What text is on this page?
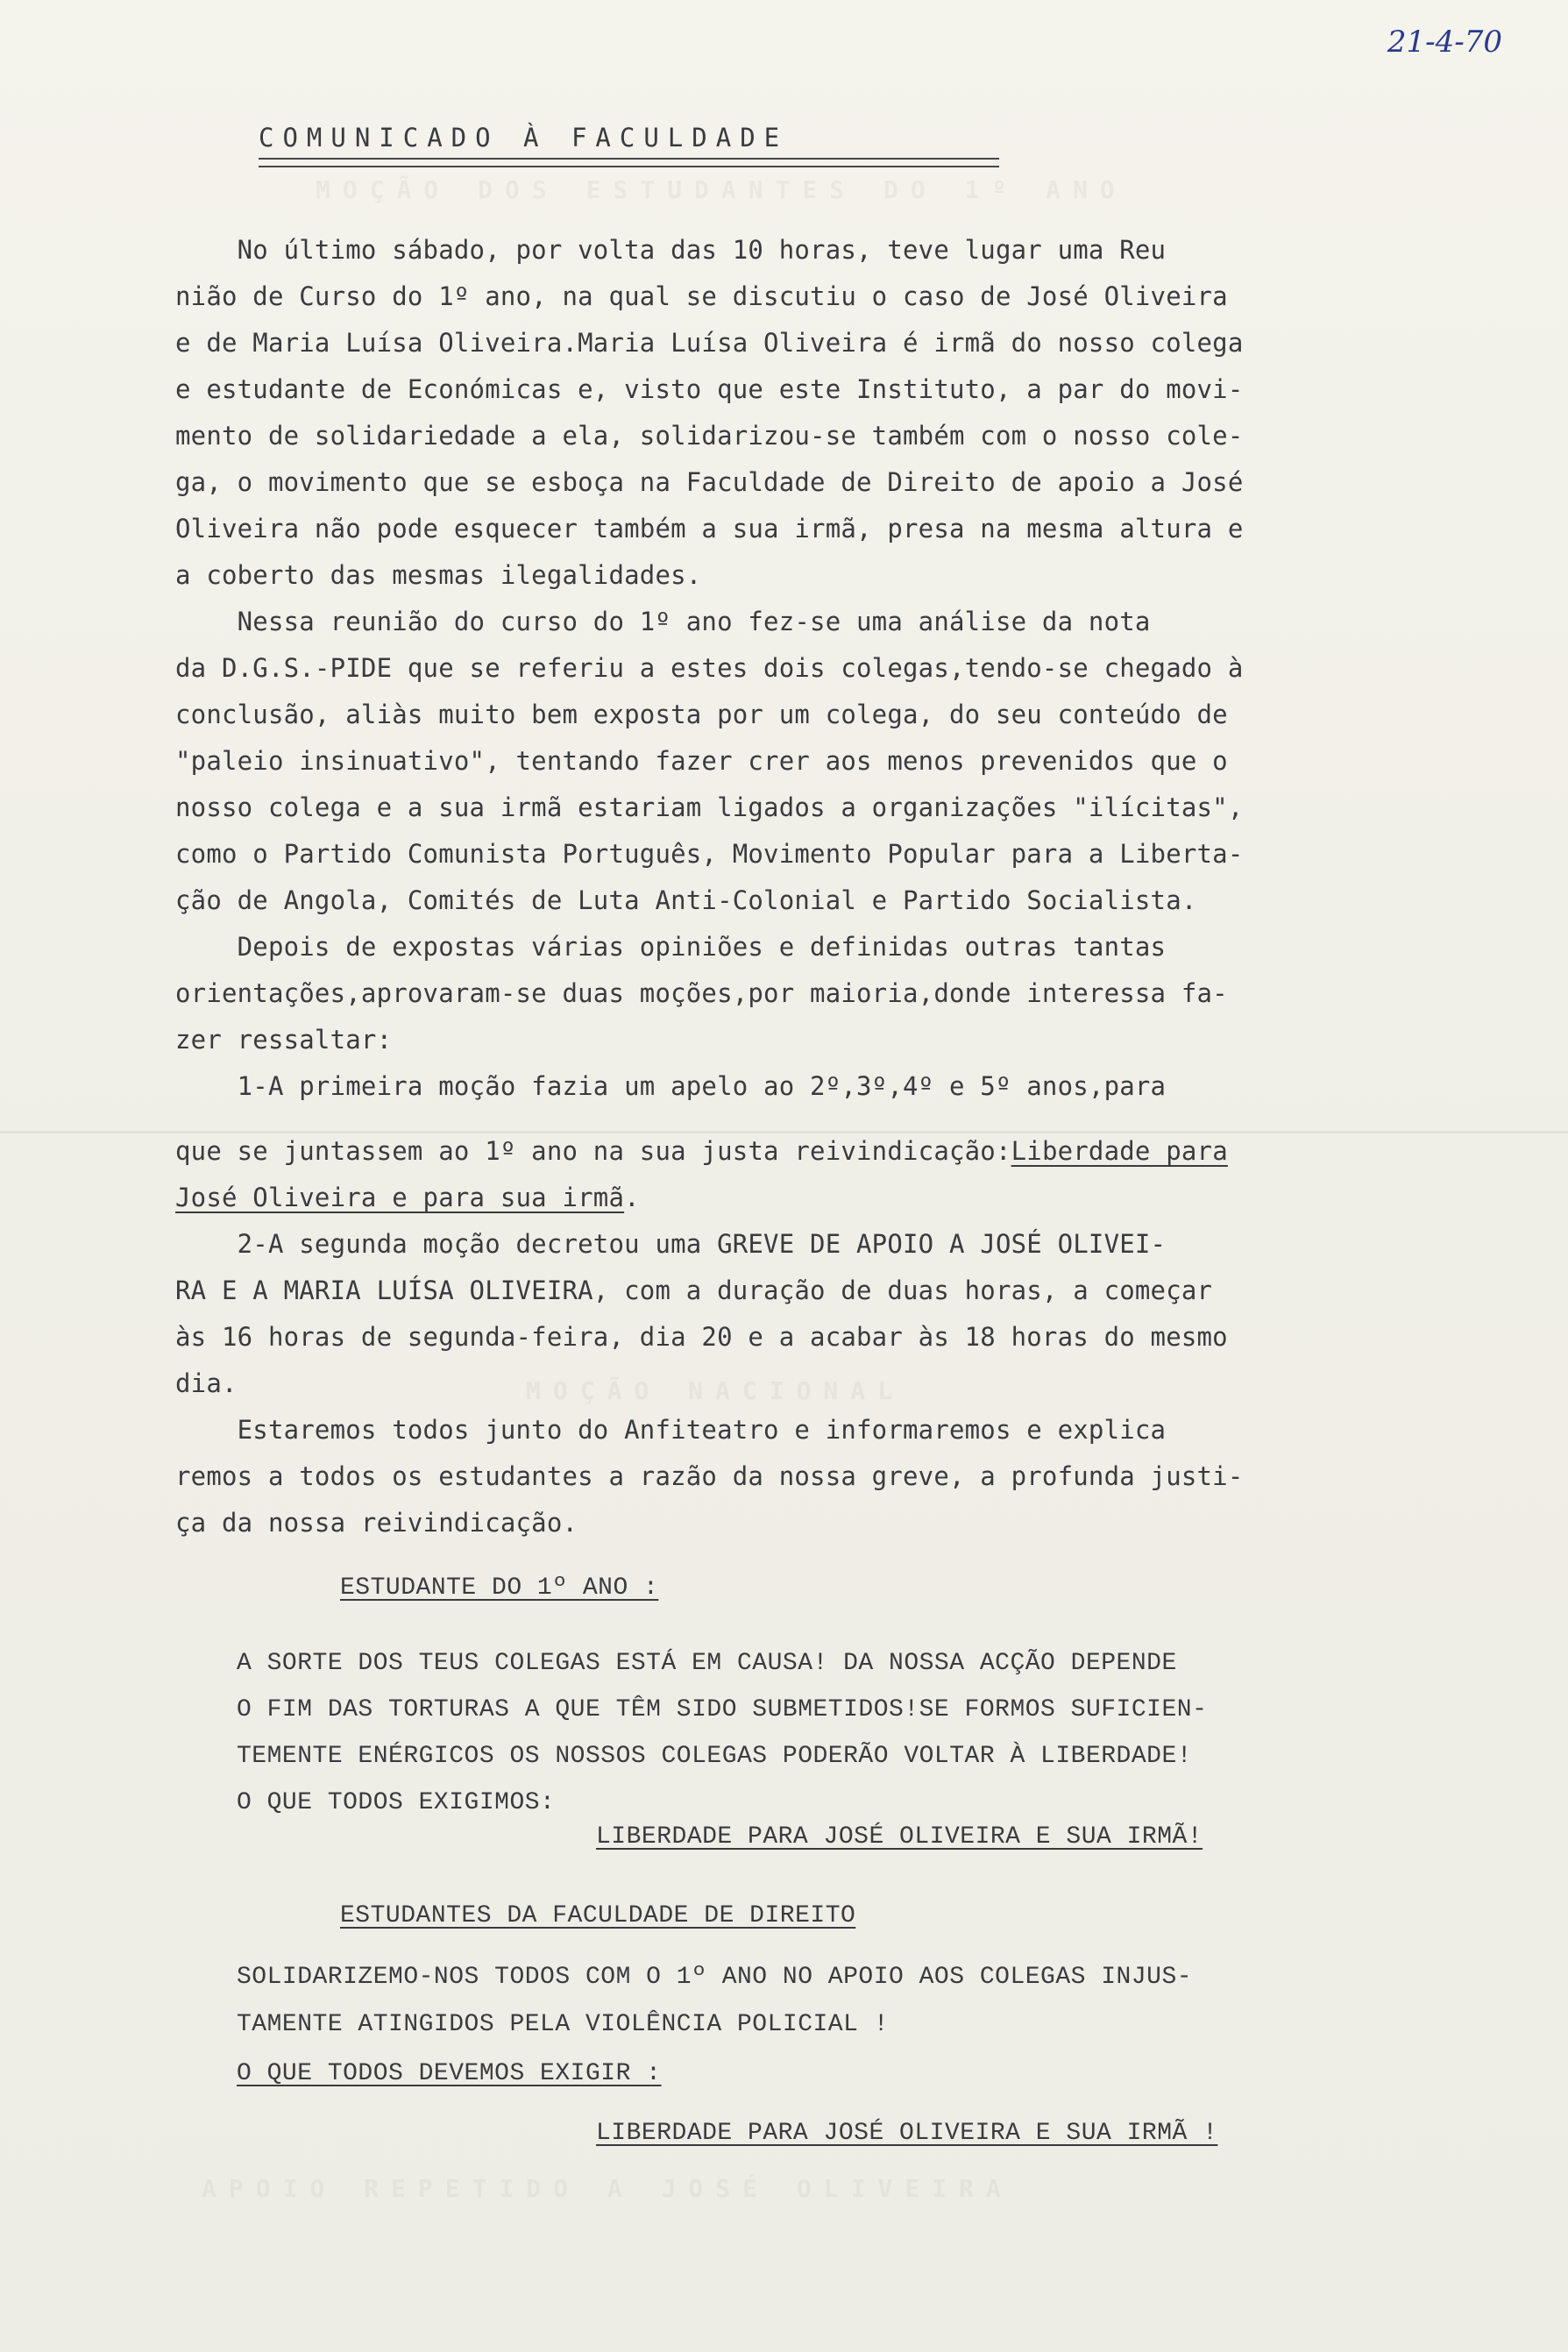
MOÇÃO DOS ESTUDANTES DO 1º ANO
MOÇÃO NACIONAL
APOIO REPETIDO A JOSÉ OLIVEIRA
21-4-70
COMUNICADO À FACULDADE
No último sábado, por volta das 10 horas, teve lugar uma Reu
nião de Curso do 1º ano, na qual se discutiu o caso de José Oliveira
e de Maria Luísa Oliveira.Maria Luísa Oliveira é irmã do nosso colega
e estudante de Económicas e, visto que este Instituto, a par do movi-
mento de solidariedade a ela, solidarizou-se também com o nosso cole-
ga, o movimento que se esboça na Faculdade de Direito de apoio a José
Oliveira não pode esquecer também a sua irmã, presa na mesma altura e
a coberto das mesmas ilegalidades.
Nessa reunião do curso do 1º ano fez-se uma análise da nota
da D.G.S.-PIDE que se referiu a estes dois colegas,tendo-se chegado à
conclusão, aliàs muito bem exposta por um colega, do seu conteúdo de
"paleio insinuativo", tentando fazer crer aos menos prevenidos que o
nosso colega e a sua irmã estariam ligados a organizações "ilícitas",
como o Partido Comunista Português, Movimento Popular para a Liberta-
ção de Angola, Comités de Luta Anti-Colonial e Partido Socialista.
Depois de expostas várias opiniões e definidas outras tantas
orientações,aprovaram-se duas moções,por maioria,donde interessa fa-
zer ressaltar:
1-A primeira moção fazia um apelo ao 2º,3º,4º e 5º anos,para
que se juntassem ao 1º ano na sua justa reivindicação:Liberdade para
José Oliveira e para sua irmã.
2-A segunda moção decretou uma GREVE DE APOIO A JOSÉ OLIVEI-
RA E A MARIA LUÍSA OLIVEIRA, com a duração de duas horas, a começar
às 16 horas de segunda-feira, dia 20 e a acabar às 18 horas do mesmo
dia.
Estaremos todos junto do Anfiteatro e informaremos e explica
remos a todos os estudantes a razão da nossa greve, a profunda justi-
ça da nossa reivindicação.
ESTUDANTE DO 1º ANO :
A SORTE DOS TEUS COLEGAS ESTÁ EM CAUSA! DA NOSSA ACÇÃO DEPENDE
O FIM DAS TORTURAS A QUE TÊM SIDO SUBMETIDOS!SE FORMOS SUFICIEN-
TEMENTE ENÉRGICOS OS NOSSOS COLEGAS PODERÃO VOLTAR À LIBERDADE!
O QUE TODOS EXIGIMOS:
LIBERDADE PARA JOSÉ OLIVEIRA E SUA IRMÃ!
ESTUDANTES DA FACULDADE DE DIREITO
SOLIDARIZEMO-NOS TODOS COM O 1º ANO NO APOIO AOS COLEGAS INJUS-
TAMENTE ATINGIDOS PELA VIOLÊNCIA POLICIAL !
O QUE TODOS DEVEMOS EXIGIR :
LIBERDADE PARA JOSÉ OLIVEIRA E SUA IRMÃ !
